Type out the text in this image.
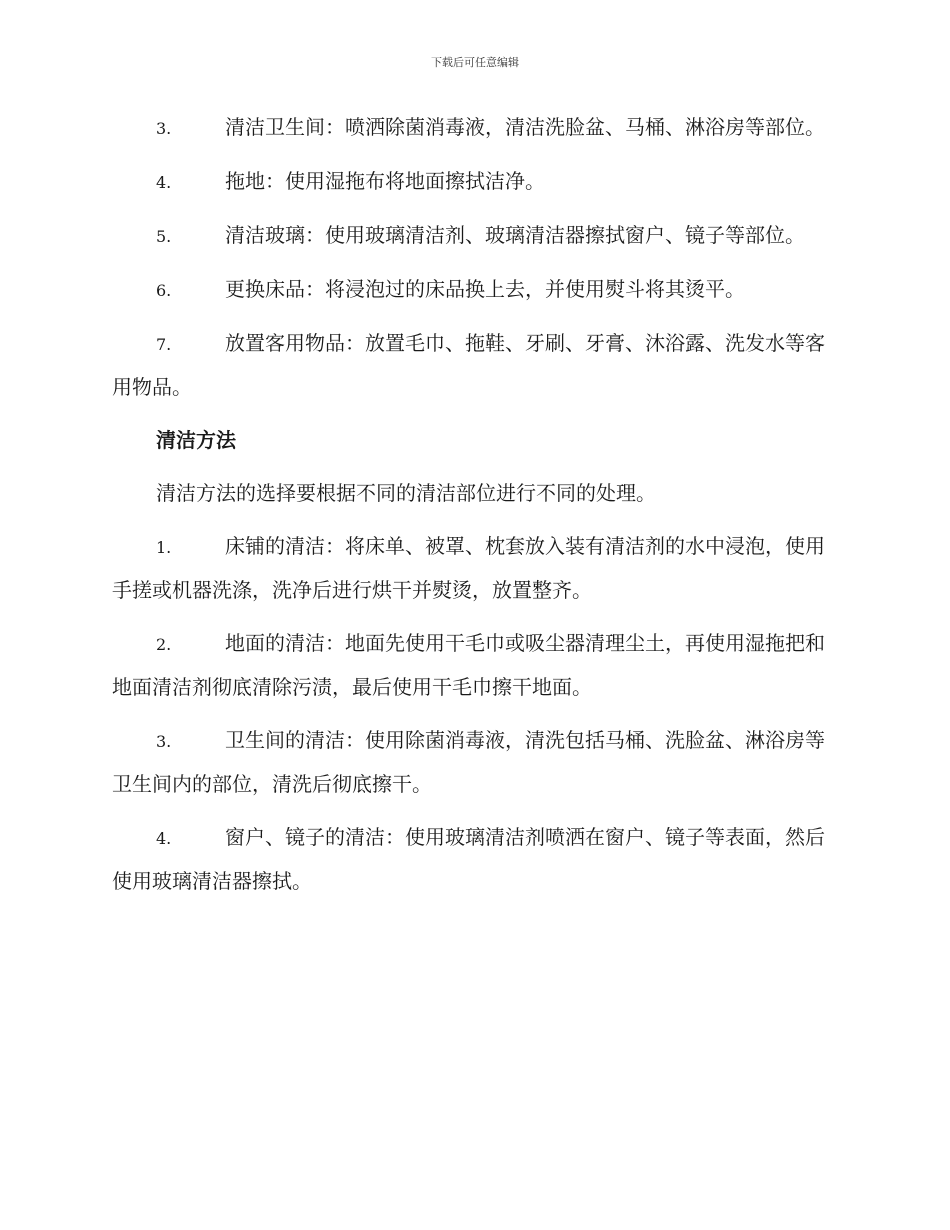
下载后可任意编辑
3.	清洁卫生间：喷洒除菌消毒液，清洁洗脸盆、马桶、淋浴房等部位。
4.	拖地：使用湿拖布将地面擦拭洁净。
5.	清洁玻璃：使用玻璃清洁剂、玻璃清洁器擦拭窗户、镜子等部位。
6.	更换床品：将浸泡过的床品换上去，并使用熨斗将其烫平。
7.	放置客用物品：放置毛巾、拖鞋、牙刷、牙膏、沐浴露、洗发水等客用物品。
清洁方法
清洁方法的选择要根据不同的清洁部位进行不同的处理。
1.	床铺的清洁：将床单、被罩、枕套放入装有清洁剂的水中浸泡，使用手搓或机器洗涤，洗净后进行烘干并熨烫，放置整齐。
2.	地面的清洁：地面先使用干毛巾或吸尘器清理尘土，再使用湿拖把和地面清洁剂彻底清除污渍，最后使用干毛巾擦干地面。
3.	卫生间的清洁：使用除菌消毒液，清洗包括马桶、洗脸盆、淋浴房等卫生间内的部位，清洗后彻底擦干。
4.	窗户、镜子的清洁：使用玻璃清洁剂喷洒在窗户、镜子等表面，然后使用玻璃清洁器擦拭。
